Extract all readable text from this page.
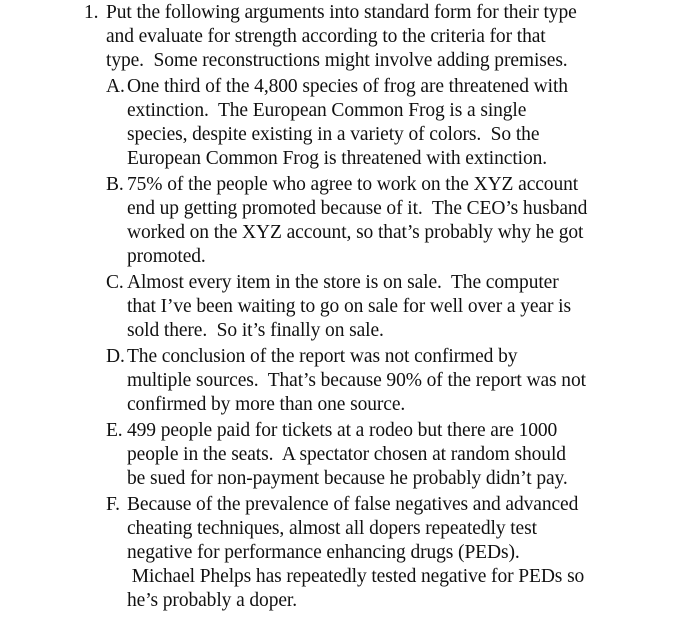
1. Put the following arguments into standard form for their type
and evaluate for strength according to the criteria for that
type.  Some reconstructions might involve adding premises.
A. One third of the 4,800 species of frog are threatened with
extinction.  The European Common Frog is a single
species, despite existing in a variety of colors.  So the
European Common Frog is threatened with extinction.
B. 75% of the people who agree to work on the XYZ account
end up getting promoted because of it.  The CEO’s husband
worked on the XYZ account, so that’s probably why he got
promoted.
C. Almost every item in the store is on sale.  The computer
that I’ve been waiting to go on sale for well over a year is
sold there.  So it’s finally on sale.
D. The conclusion of the report was not confirmed by
multiple sources.  That’s because 90% of the report was not
confirmed by more than one source.
E. 499 people paid for tickets at a rodeo but there are 1000
people in the seats.  A spectator chosen at random should
be sued for non-payment because he probably didn’t pay.
F. Because of the prevalence of false negatives and advanced
cheating techniques, almost all dopers repeatedly test
negative for performance enhancing drugs (PEDs).
Michael Phelps has repeatedly tested negative for PEDs so
he’s probably a doper.
